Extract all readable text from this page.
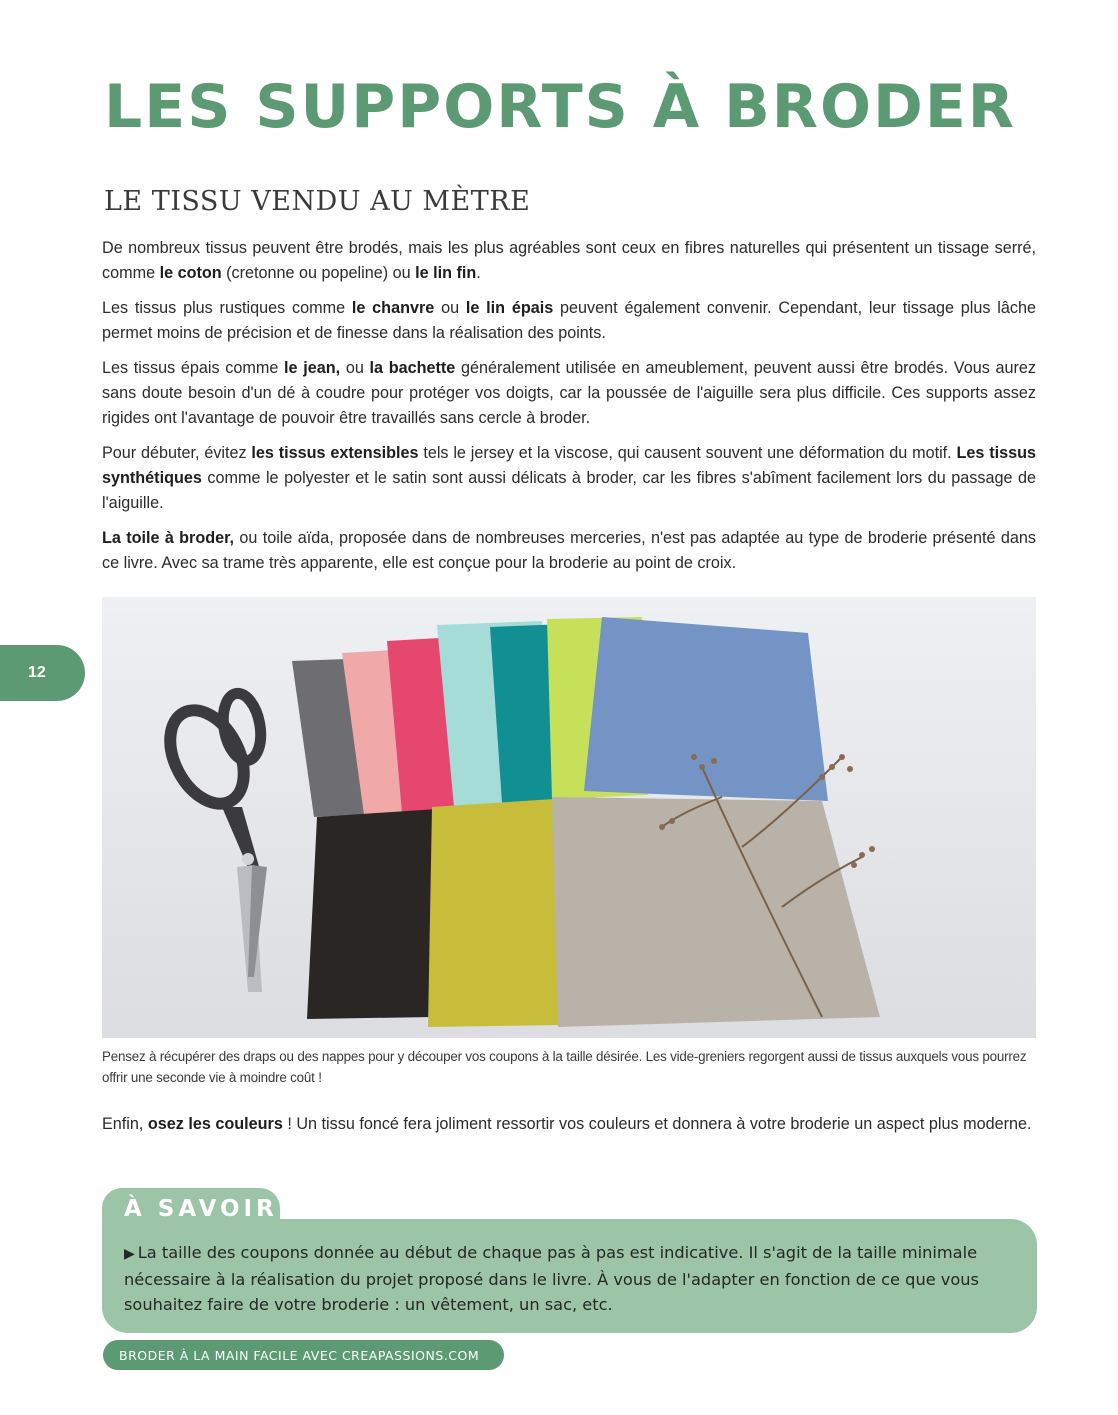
LES SUPPORTS À BRODER
LE TISSU VENDU AU MÈTRE

De nombreux tissus peuvent être brodés, mais les plus agréables sont ceux en fibres naturelles qui présentent un tissage serré, comme le coton (cretonne ou popeline) ou le lin fin.

Les tissus plus rustiques comme le chanvre ou le lin épais peuvent également convenir. Cependant, leur tissage plus lâche permet moins de précision et de finesse dans la réalisation des points.

Les tissus épais comme le jean, ou la bachette généralement utilisée en ameublement, peuvent aussi être brodés. Vous aurez sans doute besoin d'un dé à coudre pour protéger vos doigts, car la poussée de l'aiguille sera plus difficile. Ces supports assez rigides ont l'avantage de pouvoir être travaillés sans cercle à broder.

Pour débuter, évitez les tissus extensibles tels le jersey et la viscose, qui causent souvent une déformation du motif. Les tissus synthétiques comme le polyester et le satin sont aussi délicats à broder, car les fibres s'abîment facilement lors du passage de l'aiguille.

La toile à broder, ou toile aïda, proposée dans de nombreuses merceries, n'est pas adaptée au type de broderie présenté dans ce livre. Avec sa trame très apparente, elle est conçue pour la broderie au point de croix.

12
Pensez à récupérer des draps ou des nappes pour y découper vos coupons à la taille désirée. Les vide-greniers regorgent aussi de tissus auxquels vous pourrez offrir une seconde vie à moindre coût !

Enfin, osez les couleurs ! Un tissu foncé fera joliment ressortir vos couleurs et donnera à votre broderie un aspect plus moderne.

À SAVOIR
▶ La taille des coupons donnée au début de chaque pas à pas est indicative. Il s'agit de la taille minimale nécessaire à la réalisation du projet proposé dans le livre. À vous de l'adapter en fonction de ce que vous souhaitez faire de votre broderie : un vêtement, un sac, etc.
BRODER À LA MAIN FACILE AVEC CREAPASSIONS.COM
